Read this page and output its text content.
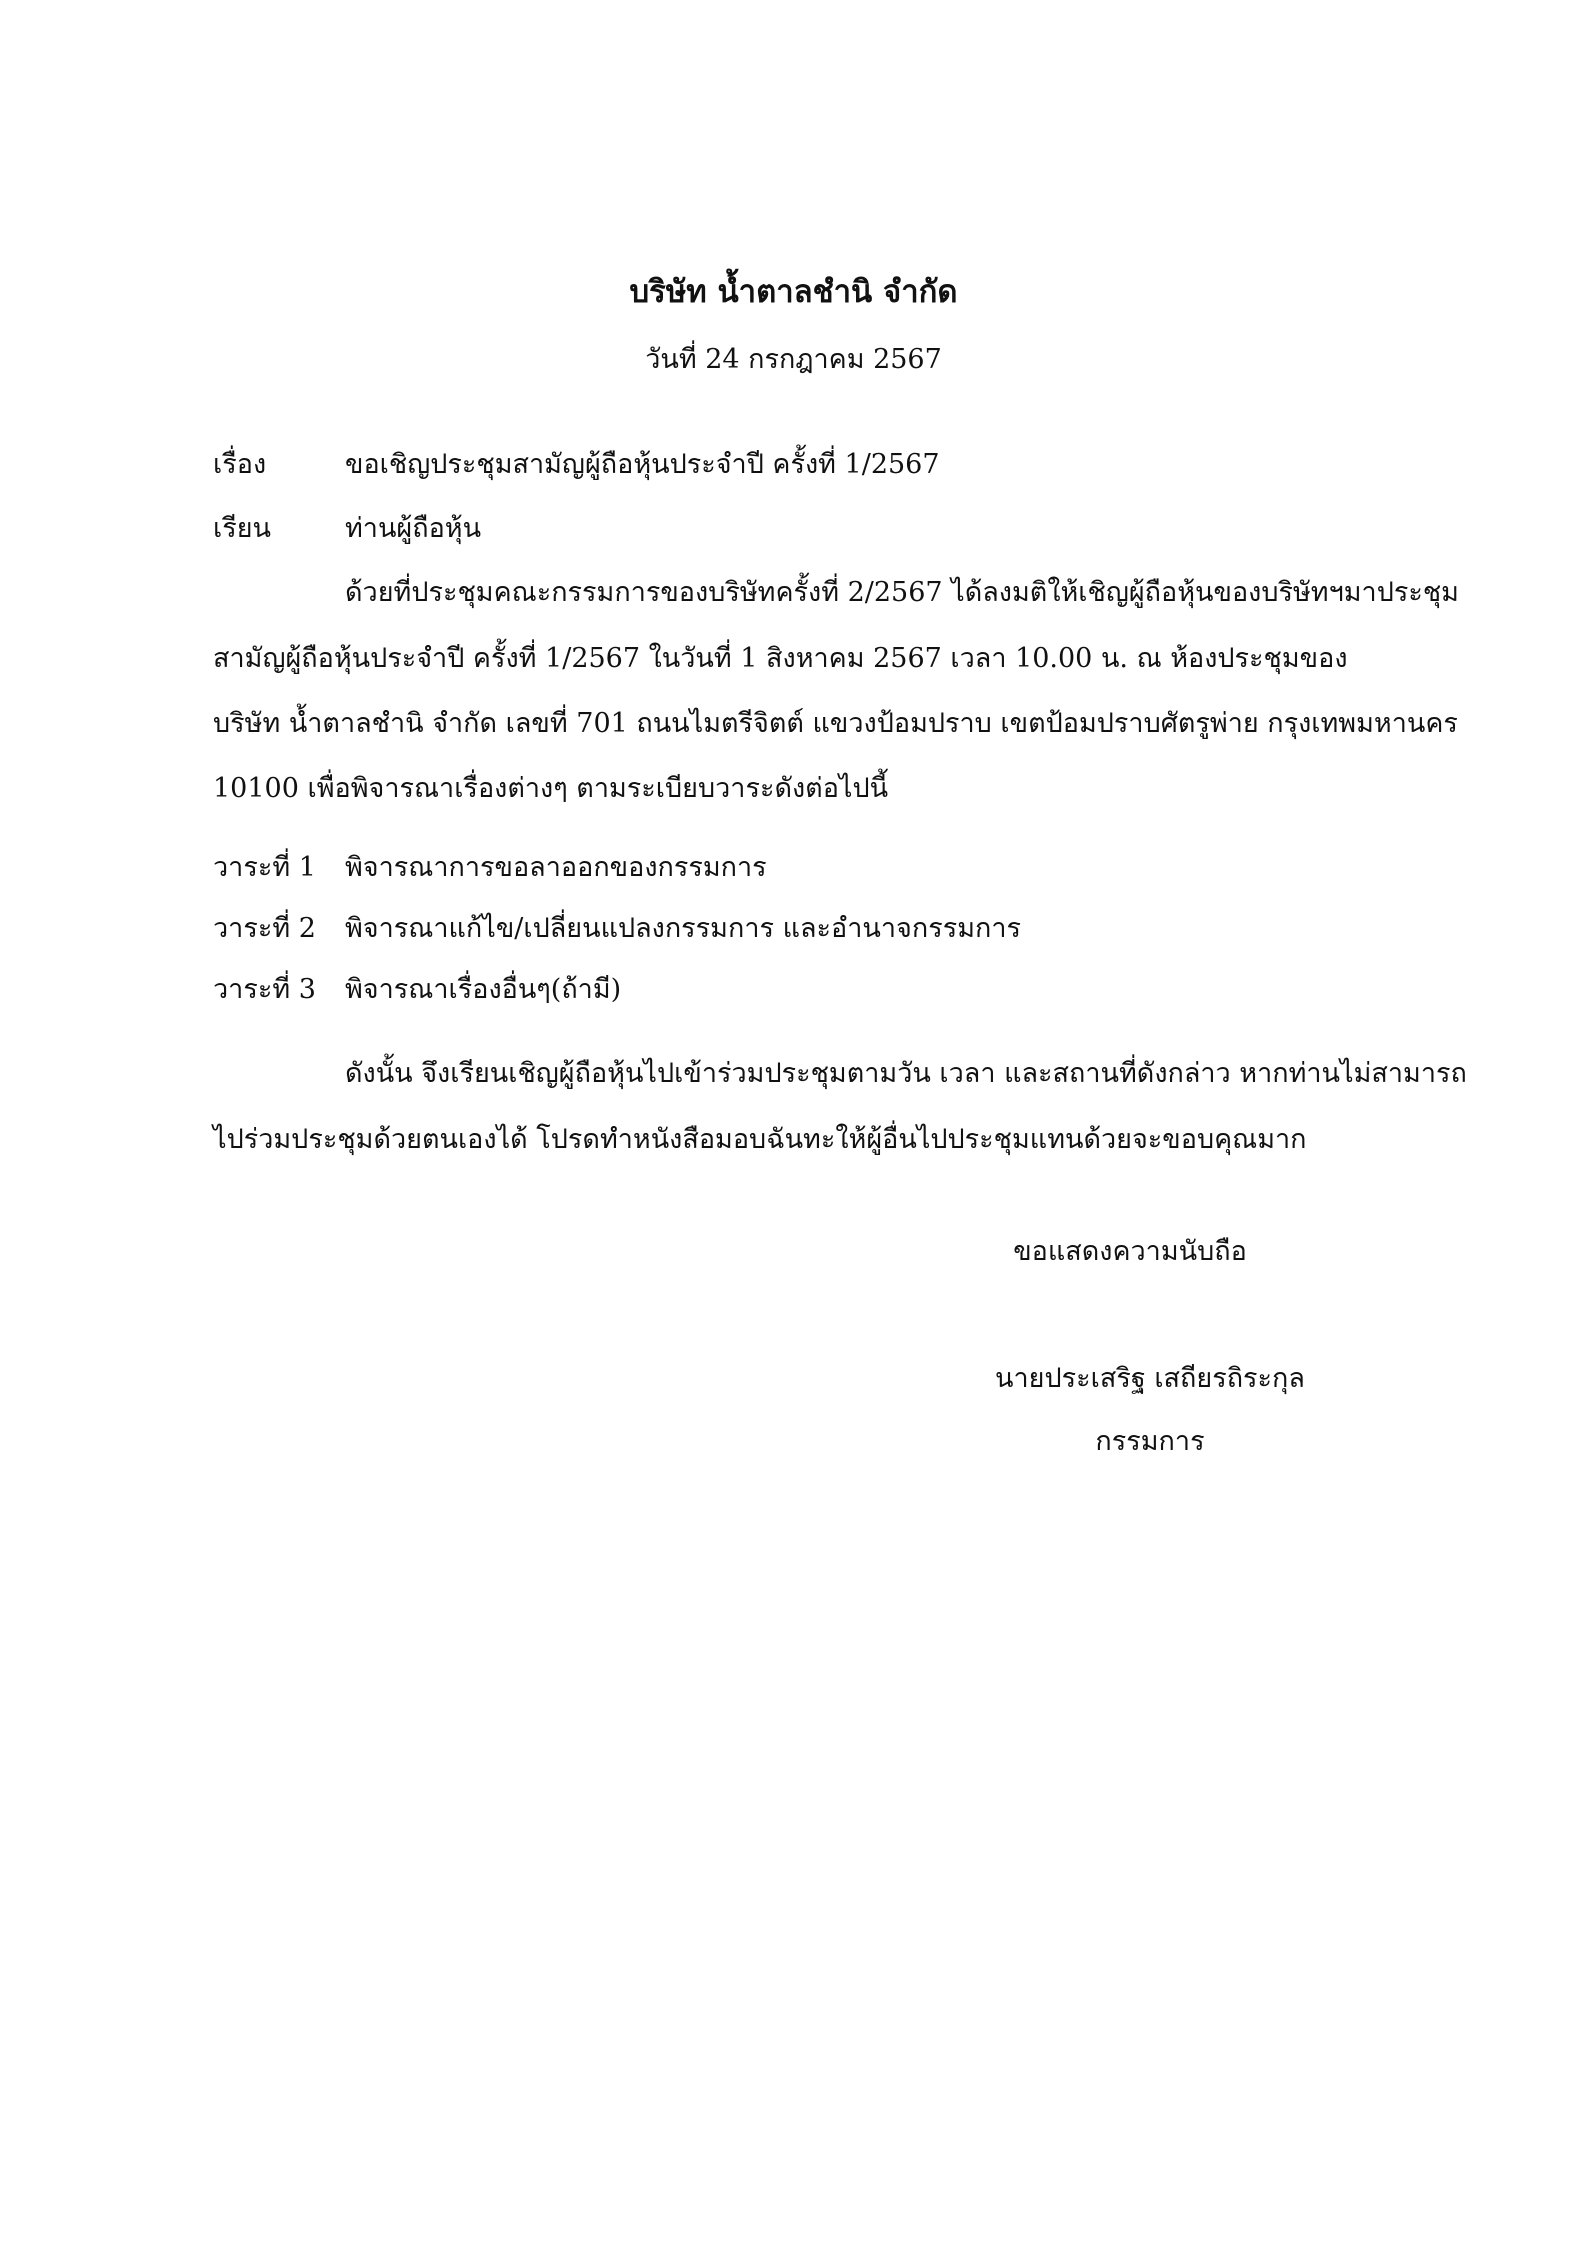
บริษัท น้ำตาลชำนิ จำกัด
วันที่ 24 กรกฎาคม 2567
เรื่อง	ขอเชิญประชุมสามัญผู้ถือหุ้นประจำปี ครั้งที่ 1/2567
เรียน	ท่านผู้ถือหุ้น
ด้วยที่ประชุมคณะกรรมการของบริษัทครั้งที่ 2/2567 ได้ลงมติให้เชิญผู้ถือหุ้นของบริษัทฯมาประชุม
สามัญผู้ถือหุ้นประจำปี ครั้งที่ 1/2567 ในวันที่ 1 สิงหาคม 2567 เวลา 10.00 น. ณ ห้องประชุมของ
บริษัท น้ำตาลชำนิ จำกัด เลขที่ 701 ถนนไมตรีจิตต์ แขวงป้อมปราบ เขตป้อมปราบศัตรูพ่าย กรุงเทพมหานคร
10100 เพื่อพิจารณาเรื่องต่างๆ ตามระเบียบวาระดังต่อไปนี้
วาระที่ 1 พิจารณาการขอลาออกของกรรมการ
วาระที่ 2 พิจารณาแก้ไข/เปลี่ยนแปลงกรรมการ และอำนาจกรรมการ
วาระที่ 3 พิจารณาเรื่องอื่นๆ(ถ้ามี)
ดังนั้น จึงเรียนเชิญผู้ถือหุ้นไปเข้าร่วมประชุมตามวัน เวลา และสถานที่ดังกล่าว หากท่านไม่สามารถ
ไปร่วมประชุมด้วยตนเองได้ โปรดทำหนังสือมอบฉันทะให้ผู้อื่นไปประชุมแทนด้วยจะขอบคุณมาก
ขอแสดงความนับถือ
นายประเสริฐ เสถียรถิระกุล
กรรมการ
